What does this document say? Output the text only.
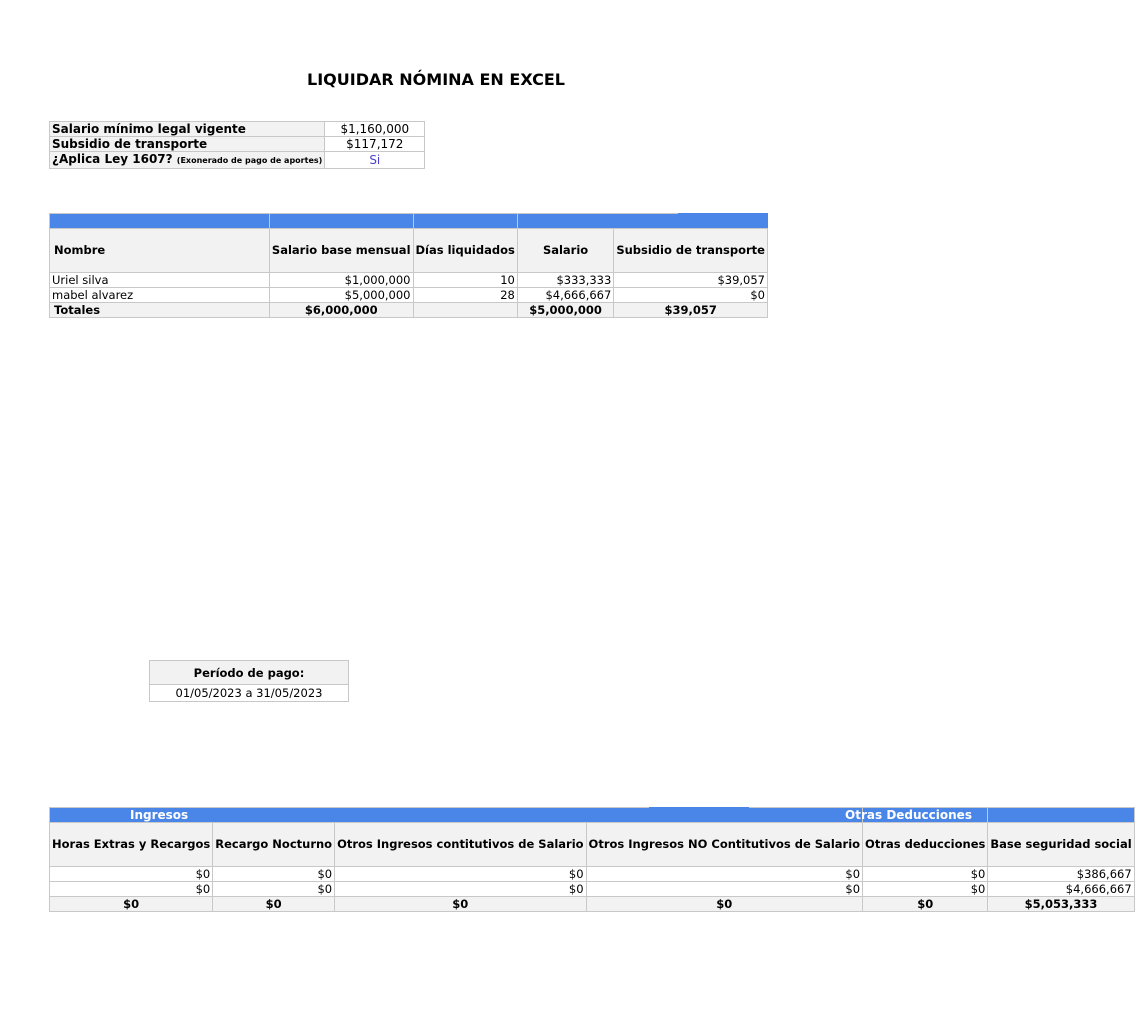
LIQUIDAR NÓMINA EN EXCEL
Salario mínimo legal vigente	$1,160,000
Subsidio de transporte	$117,172
¿Aplica Ley 1607? (Exonerado de pago de aportes)	Si

Nombre	Salario base mensual	Días liquidados	Salario	Subsidio de transporte
Uriel silva	$1,000,000	10	$333,333	$39,057
mabel alvarez	$5,000,000	28	$4,666,667	$0
Totales	$6,000,000		$5,000,000	$39,057
Período de pago:
01/05/2023 a 31/05/2023
Ingresos				Otras Deducciones	
Horas Extras y Recargos	Recargo Nocturno	Otros Ingresos contitutivos de Salario	Otros Ingresos NO Contitutivos de Salario	Otras deducciones	Base seguridad social
$0	$0	$0	$0	$0	$386,667
$0	$0	$0	$0	$0	$4,666,667
$0	$0	$0	$0	$0	$5,053,333
